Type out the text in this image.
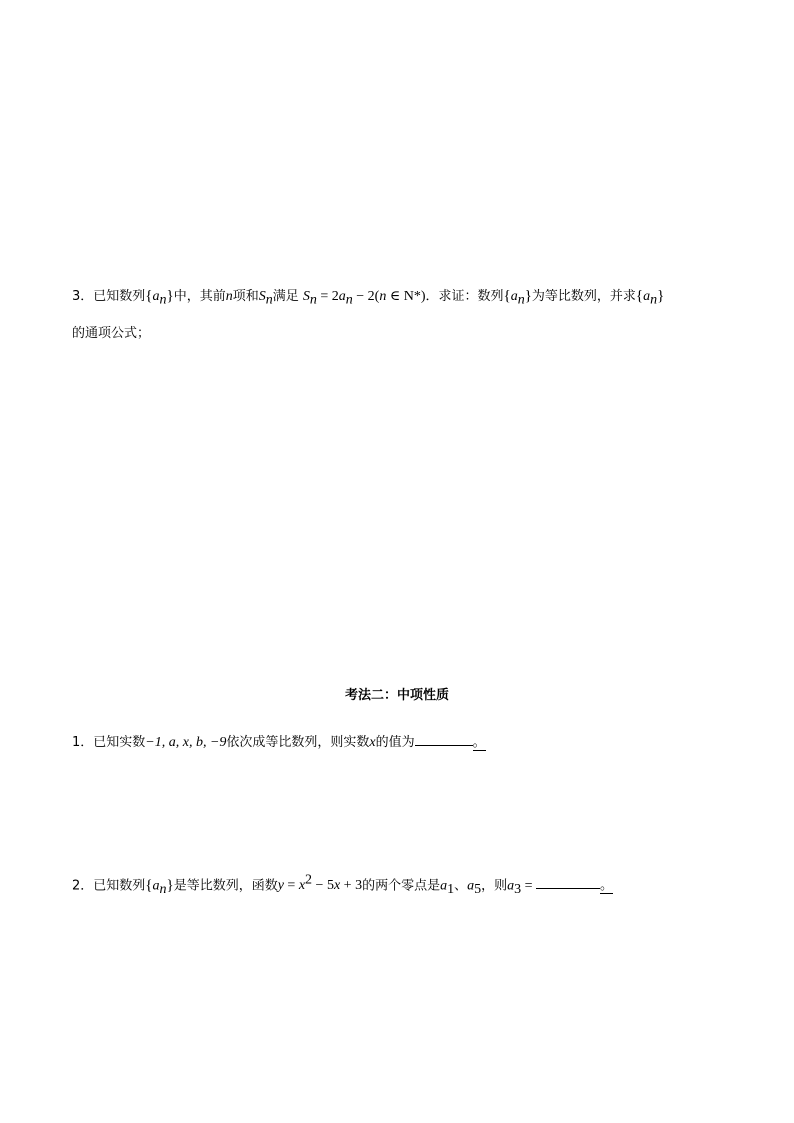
3．已知数列$\{a_n\}$中，其前n项和$S_n$满足 $S_n = 2a_n - 2(n$ ∈ N*)．求证：数列$\{a_n\}$为等比数列，并求$\{a_n\}$
的通项公式；
考法二：中项性质
1．已知实数−1, a, x, b, −9依次成等比数列，则实数x的值为	。
2．已知数列$\{a_n\}$是等比数列，函数$y = x^2 - 5x + 3$的两个零点是$a_1$、$a_5$，则$a_3$ =	。
